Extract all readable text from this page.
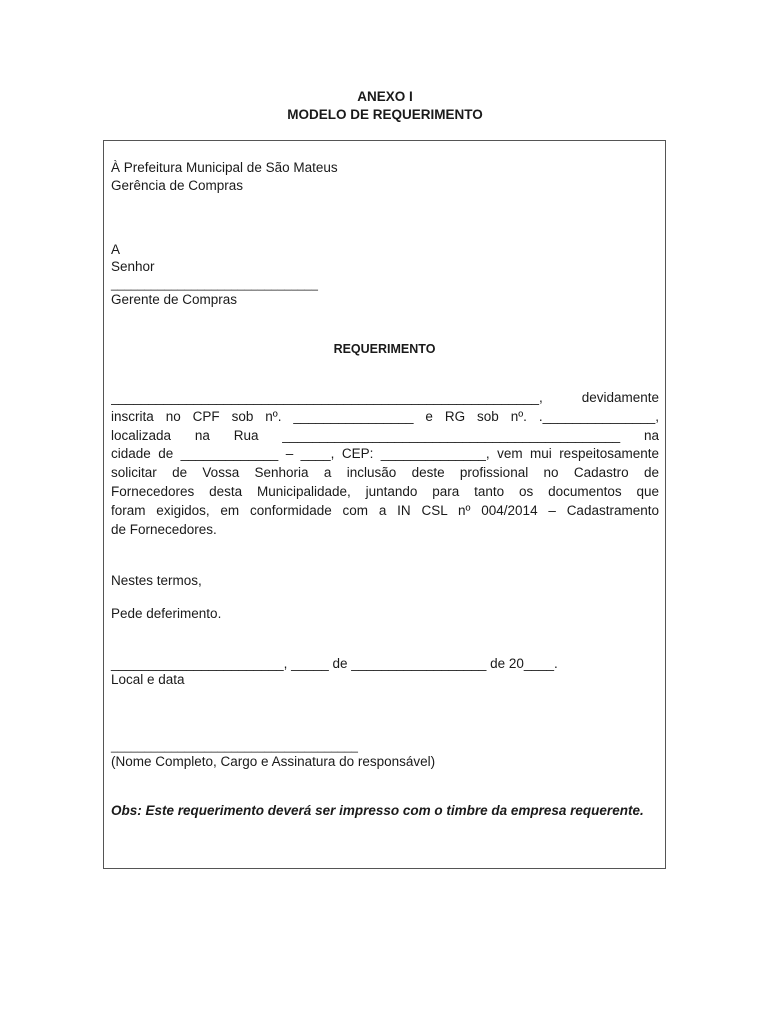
ANEXO I
MODELO DE REQUERIMENTO
À Prefeitura Municipal de São Mateus
Gerência de Compras
A
Senhor
_______________________________
Gerente de Compras
REQUERIMENTO
_________________________________________________________, devidamente
inscrita no CPF sob nº. ________________ e RG sob nº. ._______________,
localizada na Rua _____________________________________________ na
cidade de _____________ – ____, CEP: ______________, vem mui respeitosamente
solicitar de Vossa Senhoria a inclusão deste profissional no Cadastro de
Fornecedores desta Municipalidade, juntando para tanto os documentos que
foram exigidos, em conformidade com a IN CSL nº 004/2014 – Cadastramento
de Fornecedores.
Nestes termos,
Pede deferimento.
_______________________, _____ de __________________ de 20____.
Local e data
_____________________________________
(Nome Completo, Cargo e Assinatura do responsável)
Obs: Este requerimento deverá ser impresso com o timbre da empresa requerente.
